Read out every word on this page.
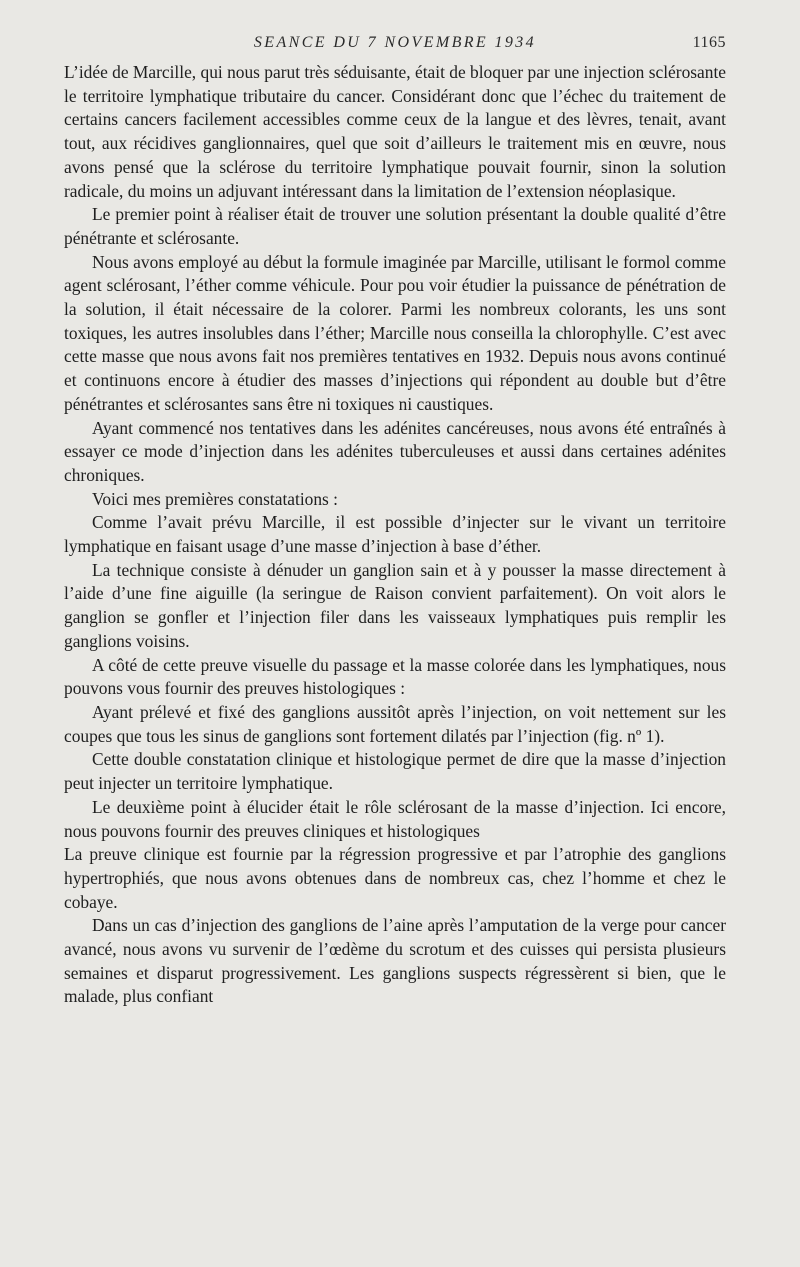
SEANCE DU 7 NOVEMBRE 1934	1165

L’idée de Marcille, qui nous parut très séduisante, était de bloquer par une injection sclérosante le territoire lymphatique tributaire du cancer. Considérant donc que l’échec du traitement de certains cancers facilement accessibles comme ceux de la langue et des lèvres, tenait, avant tout, aux récidives ganglionnaires, quel que soit d’ailleurs le traitement mis en œuvre, nous avons pensé que la sclérose du territoire lymphatique pouvait fournir, sinon la solution radicale, du moins un adjuvant intéressant dans la limitation de l’extension néoplasique.

Le premier point à réaliser était de trouver une solution présentant la double qualité d’être pénétrante et sclérosante.

Nous avons employé au début la formule imaginée par Marcille, utilisant le formol comme agent sclérosant, l’éther comme véhicule. Pour pou voir étudier la puissance de pénétration de la solution, il était nécessaire de la colorer. Parmi les nombreux colorants, les uns sont toxiques, les autres insolubles dans l’éther; Marcille nous conseilla la chlorophylle. C’est avec cette masse que nous avons fait nos premières tentatives en 1932. Depuis nous avons continué et continuons encore à étudier des masses d’injections qui répondent au double but d’être pénétrantes et sclérosantes sans être ni toxiques ni caustiques.

Ayant commencé nos tentatives dans les adénites cancéreuses, nous avons été entraînés à essayer ce mode d’injection dans les adénites tuberculeuses et aussi dans certaines adénites chroniques.

Voici mes premières constatations :

Comme l’avait prévu Marcille, il est possible d’injecter sur le vivant un territoire lymphatique en faisant usage d’une masse d’injection à base d’éther.

La technique consiste à dénuder un ganglion sain et à y pousser la masse directement à l’aide d’une fine aiguille (la seringue de Raison convient parfaitement). On voit alors le ganglion se gonfler et l’injection filer dans les vaisseaux lymphatiques puis remplir les ganglions voisins.

A côté de cette preuve visuelle du passage et la masse colorée dans les lymphatiques, nous pouvons vous fournir des preuves histologiques :

Ayant prélevé et fixé des ganglions aussitôt après l’injection, on voit nettement sur les coupes que tous les sinus de ganglions sont fortement dilatés par l’injection (fig. nº 1).

Cette double constatation clinique et histologique permet de dire que la masse d’injection peut injecter un territoire lymphatique.

Le deuxième point à élucider était le rôle sclérosant de la masse d’injection. Ici encore, nous pouvons fournir des preuves cliniques et histologiques

La preuve clinique est fournie par la régression progressive et par l’atrophie des ganglions hypertrophiés, que nous avons obtenues dans de nombreux cas, chez l’homme et chez le cobaye.

Dans un cas d’injection des ganglions de l’aine après l’amputation de la verge pour cancer avancé, nous avons vu survenir de l’œdème du scrotum et des cuisses qui persista plusieurs semaines et disparut progressivement. Les ganglions suspects régressèrent si bien, que le malade, plus confiant
